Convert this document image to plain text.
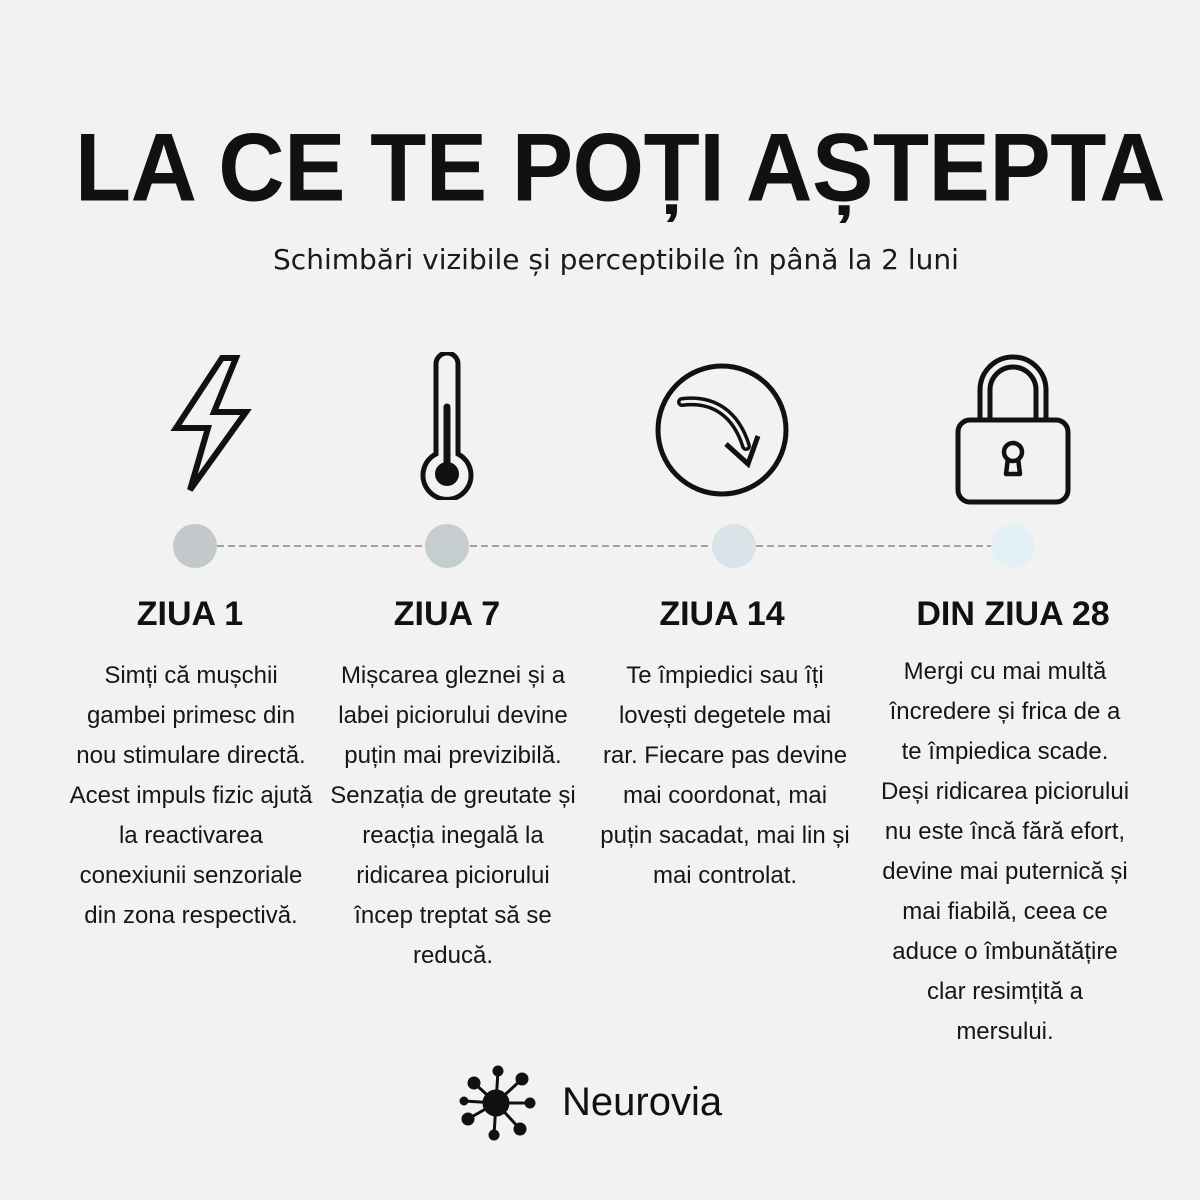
LA CE TE POȚI AȘTEPTA
Schimbări vizibile și perceptibile în până la 2 luni
ZIUA 1	ZIUA 7	ZIUA 14	DIN ZIUA 28
Simți că mușchii gambei primesc din nou stimulare directă. Acest impuls fizic ajută la reactivarea conexiunii senzoriale din zona respectivă.
Mișcarea gleznei și a labei piciorului devine puțin mai previzibilă. Senzația de greutate și reacția inegală la ridicarea piciorului încep treptat să se reducă.
Te împiedici sau îți lovești degetele mai rar. Fiecare pas devine mai coordonat, mai puțin sacadat, mai lin și mai controlat.
Mergi cu mai multă încredere și frica de a te împiedica scade. Deși ridicarea piciorului nu este încă fără efort, devine mai puternică și mai fiabilă, ceea ce aduce o îmbunătățire clar resimțită a mersului.
Neurovia
